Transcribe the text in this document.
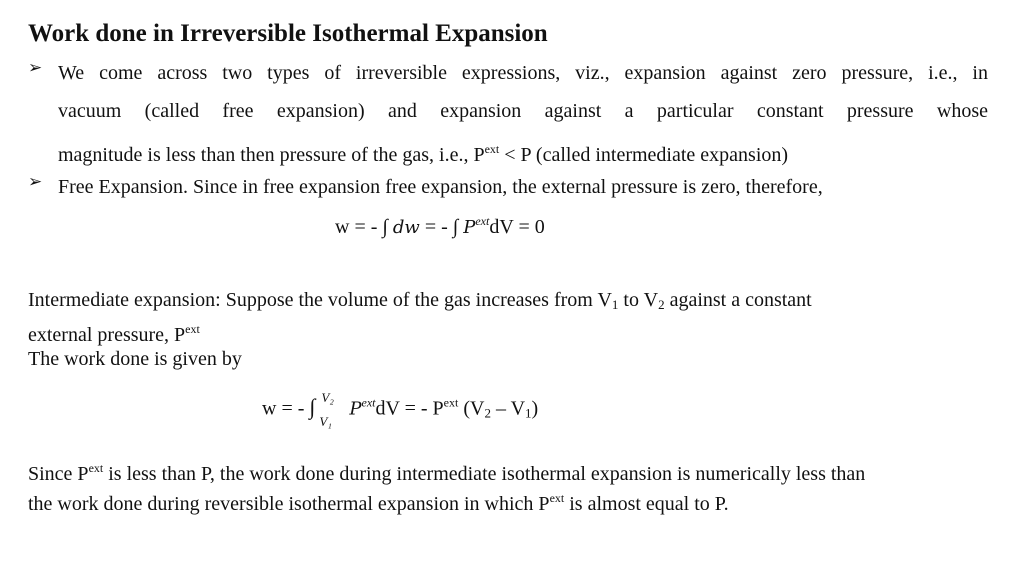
Work done in Irreversible Isothermal Expansion
➢ We come across two types of irreversible expressions, viz., expansion against zero pressure, i.e., in
vacuum (called free expansion) and expansion against a particular constant pressure whose
magnitude is less than then pressure of the gas, i.e., $P^{ext} < P$ (called intermediate expansion)
➢ Free Expansion. Since in free expansion free expansion, the external pressure is zero, therefore,
w = - ∫ dw = - ∫ $P^{ext}dV = 0$
Intermediate expansion: Suppose the volume of the gas increases from $V_1$ to $V_2$ against a constant
external pressure, $P^{ext}$
The work done is given by
w = - ∫ V₂
V₁
$P^{ext}dV$ = - $P^{ext}$ $(V_2 - V_1)$
Since $P^{ext}$ is less than P, the work done during intermediate isothermal expansion is numerically less than
the work done during reversible isothermal expansion in which $P^{ext}$ is almost equal to P.
